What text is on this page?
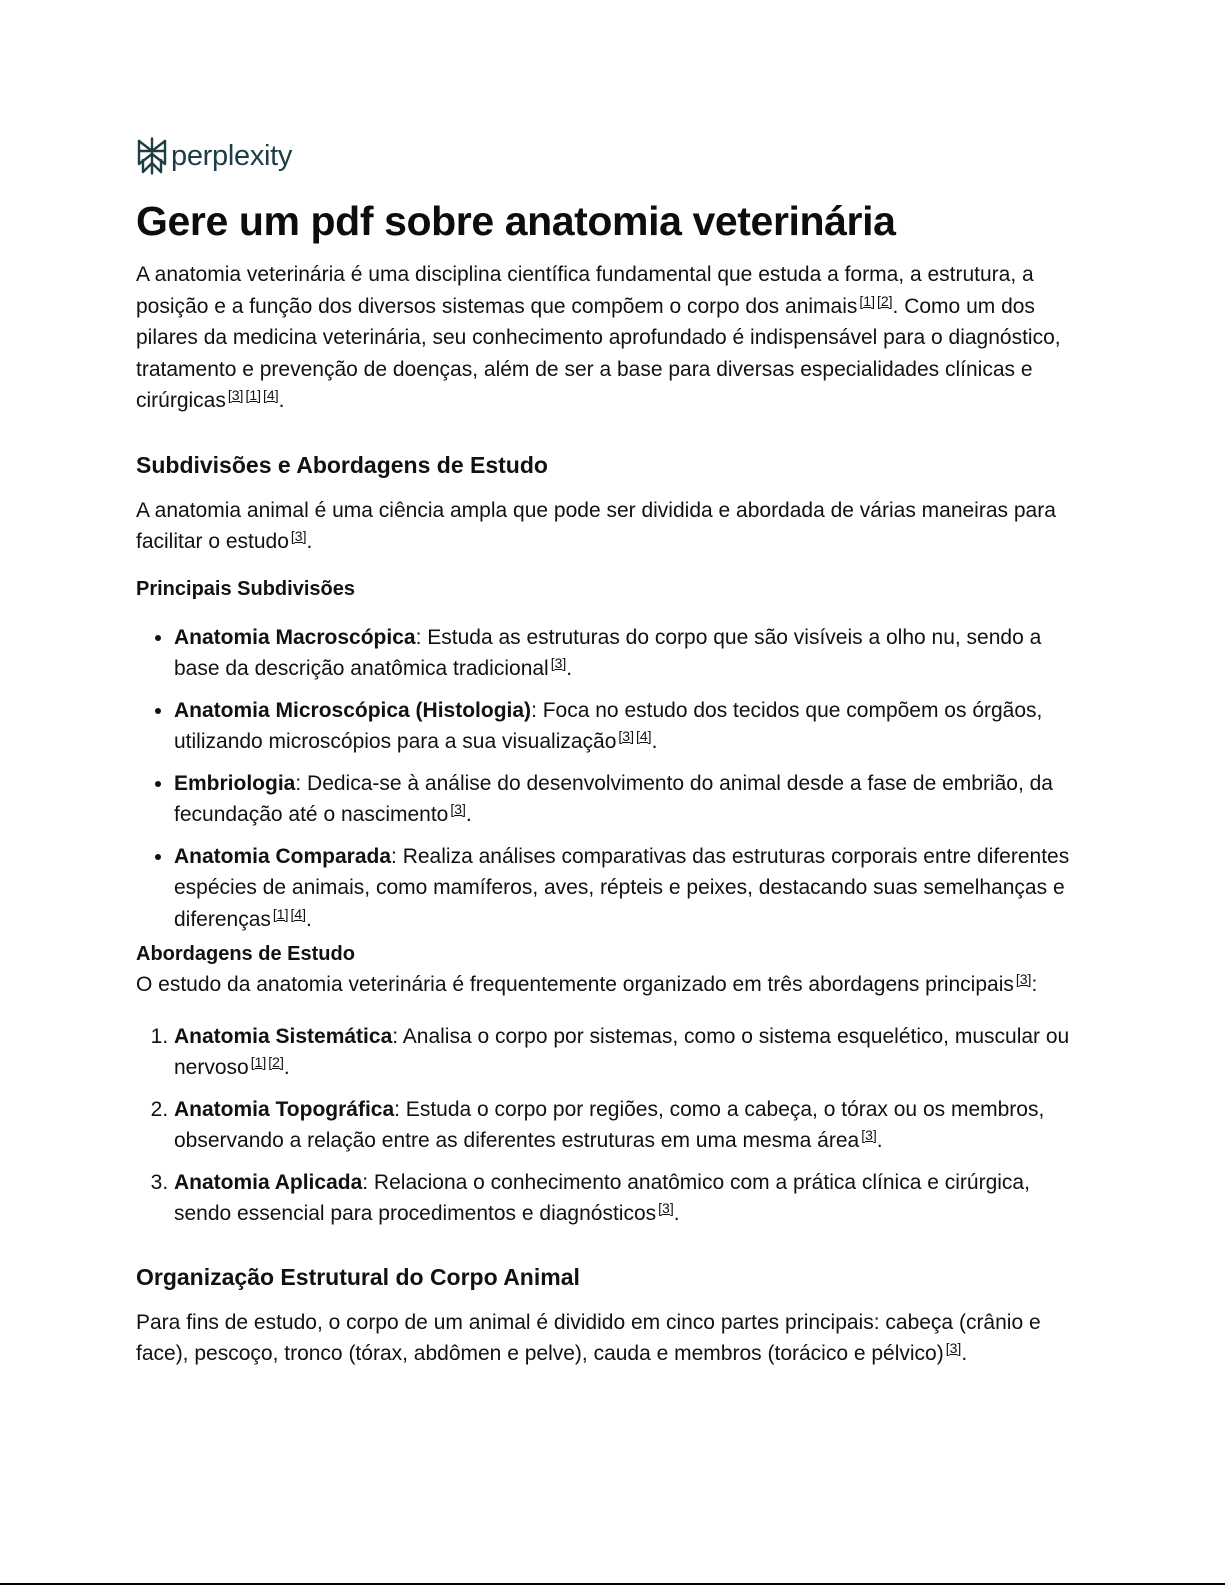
perplexity
Gere um pdf sobre anatomia veterinária

A anatomia veterinária é uma disciplina científica fundamental que estuda a forma, a estrutura, a posição e a função dos diversos sistemas que compõem o corpo dos animais [1] [2]. Como um dos pilares da medicina veterinária, seu conhecimento aprofundado é indispensável para o diagnóstico, tratamento e prevenção de doenças, além de ser a base para diversas especialidades clínicas e cirúrgicas [3] [1] [4].

Subdivisões e Abordagens de Estudo

A anatomia animal é uma ciência ampla que pode ser dividida e abordada de várias maneiras para facilitar o estudo [3].

Principais Subdivisões
• Anatomia Macroscópica: Estuda as estruturas do corpo que são visíveis a olho nu, sendo a base da descrição anatômica tradicional [3].
• Anatomia Microscópica (Histologia): Foca no estudo dos tecidos que compõem os órgãos, utilizando microscópios para a sua visualização [3] [4].
• Embriologia: Dedica-se à análise do desenvolvimento do animal desde a fase de embrião, da fecundação até o nascimento [3].
• Anatomia Comparada: Realiza análises comparativas das estruturas corporais entre diferentes espécies de animais, como mamíferos, aves, répteis e peixes, destacando suas semelhanças e diferenças [1] [4].
Abordagens de Estudo

O estudo da anatomia veterinária é frequentemente organizado em três abordagens principais [3]:

1. Anatomia Sistemática: Analisa o corpo por sistemas, como o sistema esquelético, muscular ou nervoso [1] [2].
2. Anatomia Topográfica: Estuda o corpo por regiões, como a cabeça, o tórax ou os membros, observando a relação entre as diferentes estruturas em uma mesma área [3].
3. Anatomia Aplicada: Relaciona o conhecimento anatômico com a prática clínica e cirúrgica, sendo essencial para procedimentos e diagnósticos [3].
Organização Estrutural do Corpo Animal

Para fins de estudo, o corpo de um animal é dividido em cinco partes principais: cabeça (crânio e face), pescoço, tronco (tórax, abdômen e pelve), cauda e membros (torácico e pélvico) [3].
